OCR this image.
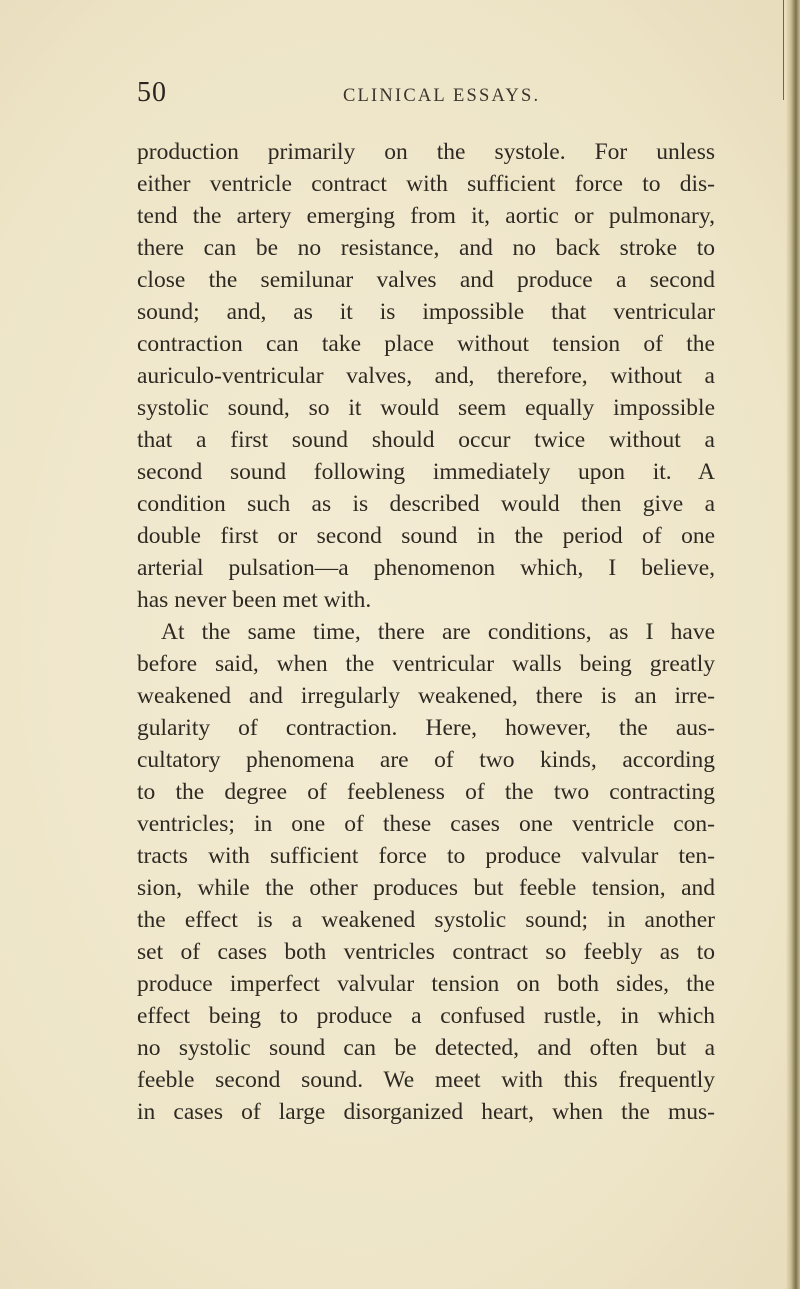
50	CLINICAL ESSAYS.
production primarily on the systole. For unless
either ventricle contract with sufficient force to dis-
tend the artery emerging from it, aortic or pulmonary,
there can be no resistance, and no back stroke to
close the semilunar valves and produce a second
sound; and, as it is impossible that ventricular
contraction can take place without tension of the
auriculo-ventricular valves, and, therefore, without a
systolic sound, so it would seem equally impossible
that a first sound should occur twice without a
second sound following immediately upon it. A
condition such as is described would then give a
double first or second sound in the period of one
arterial pulsation—a phenomenon which, I believe,
has never been met with.
At the same time, there are conditions, as I have
before said, when the ventricular walls being greatly
weakened and irregularly weakened, there is an irre-
gularity of contraction. Here, however, the aus-
cultatory phenomena are of two kinds, according
to the degree of feebleness of the two contracting
ventricles; in one of these cases one ventricle con-
tracts with sufficient force to produce valvular ten-
sion, while the other produces but feeble tension, and
the effect is a weakened systolic sound; in another
set of cases both ventricles contract so feebly as to
produce imperfect valvular tension on both sides, the
effect being to produce a confused rustle, in which
no systolic sound can be detected, and often but a
feeble second sound. We meet with this frequently
in cases of large disorganized heart, when the mus-
